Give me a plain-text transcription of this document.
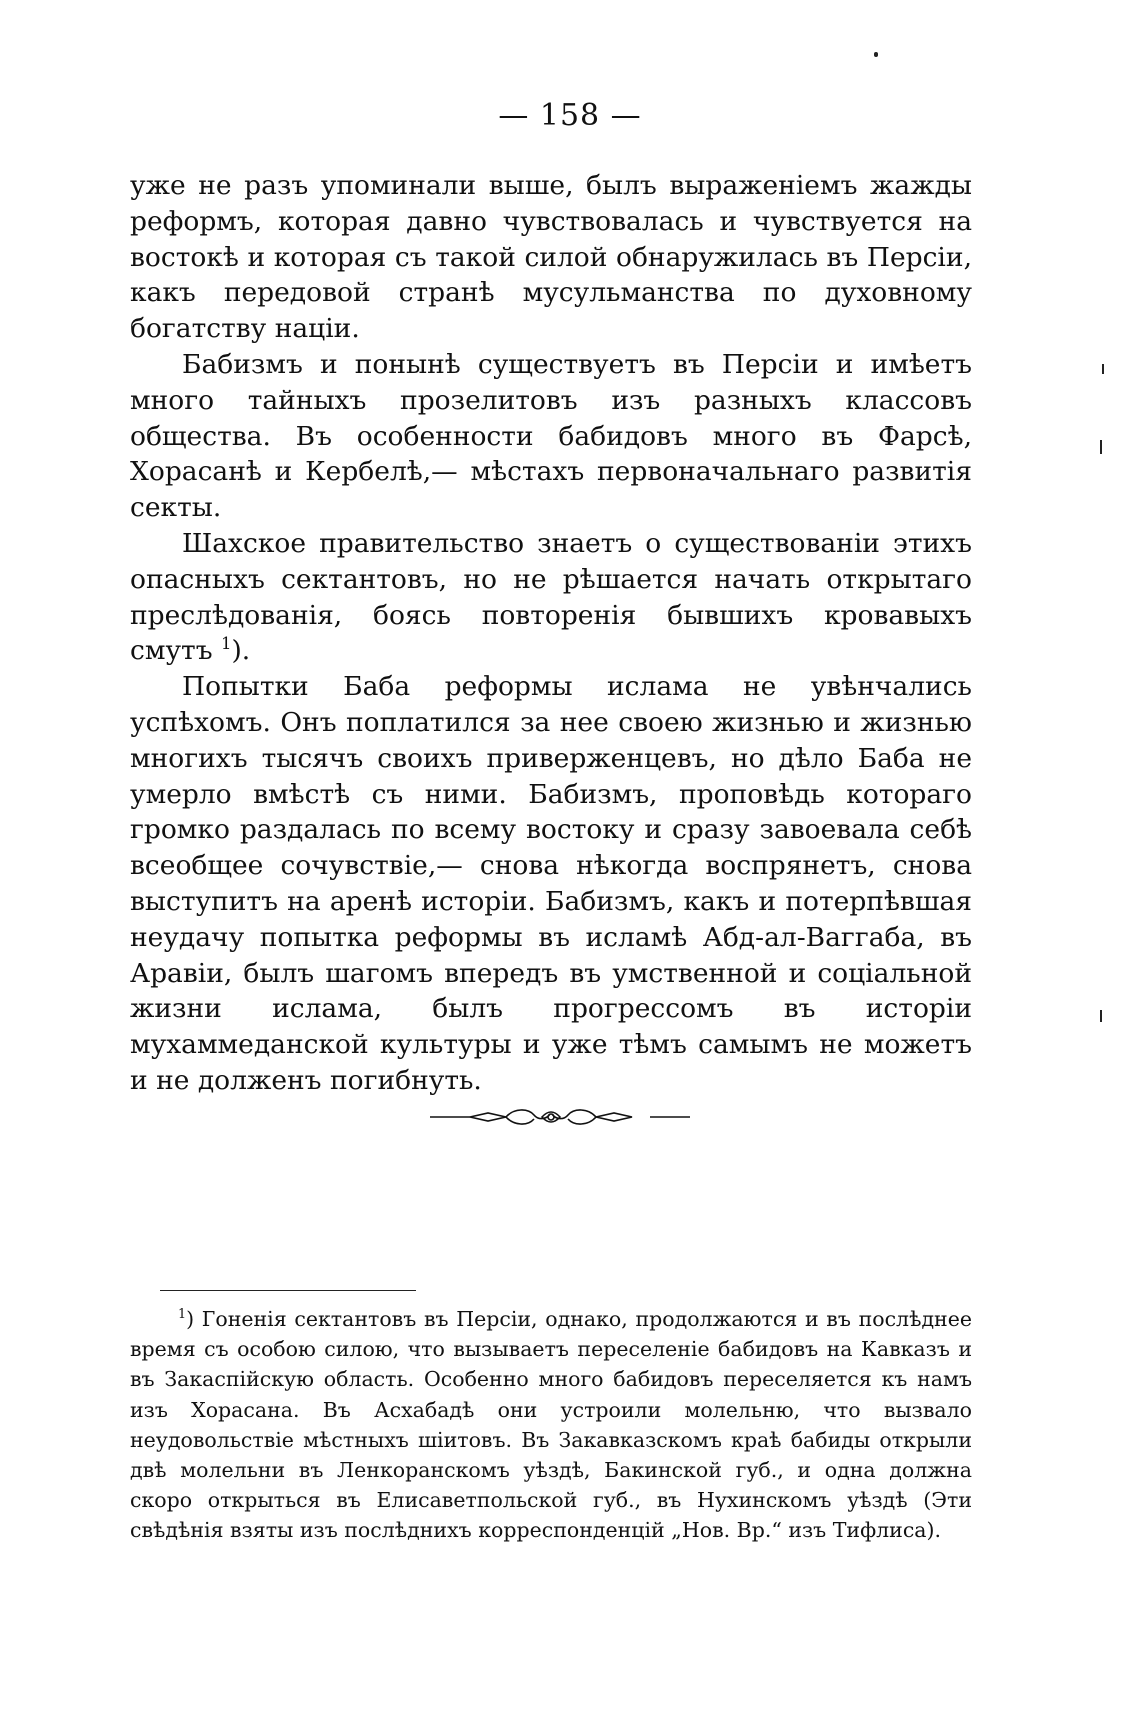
— 158 —

уже не разъ упоминали выше, былъ выраженіемъ жажды реформъ, которая давно чувствовалась и чувствуется на востокѣ и которая съ такой силой обнаружилась въ Персіи, какъ передовой странѣ мусульманства по духовному богатству націи.

Бабизмъ и понынѣ существуетъ въ Персіи и имѣетъ много тайныхъ прозелитовъ изъ разныхъ классовъ общества. Въ особенности бабидовъ много въ Фарсѣ, Хорасанѣ и Кербелѣ,— мѣстахъ первоначальнаго развитія секты.

Шахское правительство знаетъ о существованіи этихъ опасныхъ сектантовъ, но не рѣшается начать открытаго преслѣдованія, боясь повторенія бывшихъ кровавыхъ смутъ $^1$).

Попытки Баба реформы ислама не увѣнчались успѣхомъ. Онъ поплатился за нее своею жизнью и жизнью многихъ тысячъ своихъ приверженцевъ, но дѣло Баба не умерло вмѣстѣ съ ними. Бабизмъ, проповѣдь котораго громко раздалась по всему востоку и сразу завоевала себѣ всеобщее сочувствіе,— снова нѣкогда воспрянетъ, снова выступитъ на аренѣ исторіи. Бабизмъ, какъ и потерпѣвшая неудачу попытка реформы въ исламѣ Абд-ал-Ваггаба, въ Аравіи, былъ шагомъ впередъ въ умственной и соціальной жизни ислама, былъ прогрессомъ въ исторіи мухаммеданской культуры и уже тѣмъ самымъ не можетъ и не долженъ погибнуть.

$^1$) Гоненія сектантовъ въ Персіи, однако, продолжаются и въ послѣднее время съ особою силою, что вызываетъ переселеніе бабидовъ на Кавказъ и въ Закаспійскую область. Особенно много бабидовъ переселяется къ намъ изъ Хорасана. Въ Асхабадѣ они устроили молельню, что вызвало неудовольствіе мѣстныхъ шіитовъ. Въ Закавказскомъ краѣ бабиды открыли двѣ молельни въ Ленкоранскомъ уѣздѣ, Бакинской губ., и одна должна скоро открыться въ Елисаветпольской губ., въ Нухинскомъ уѣздѣ (Эти свѣдѣнія взяты изъ послѣднихъ корреспонденцій „Нов. Вр.“ изъ Тифлиса).
